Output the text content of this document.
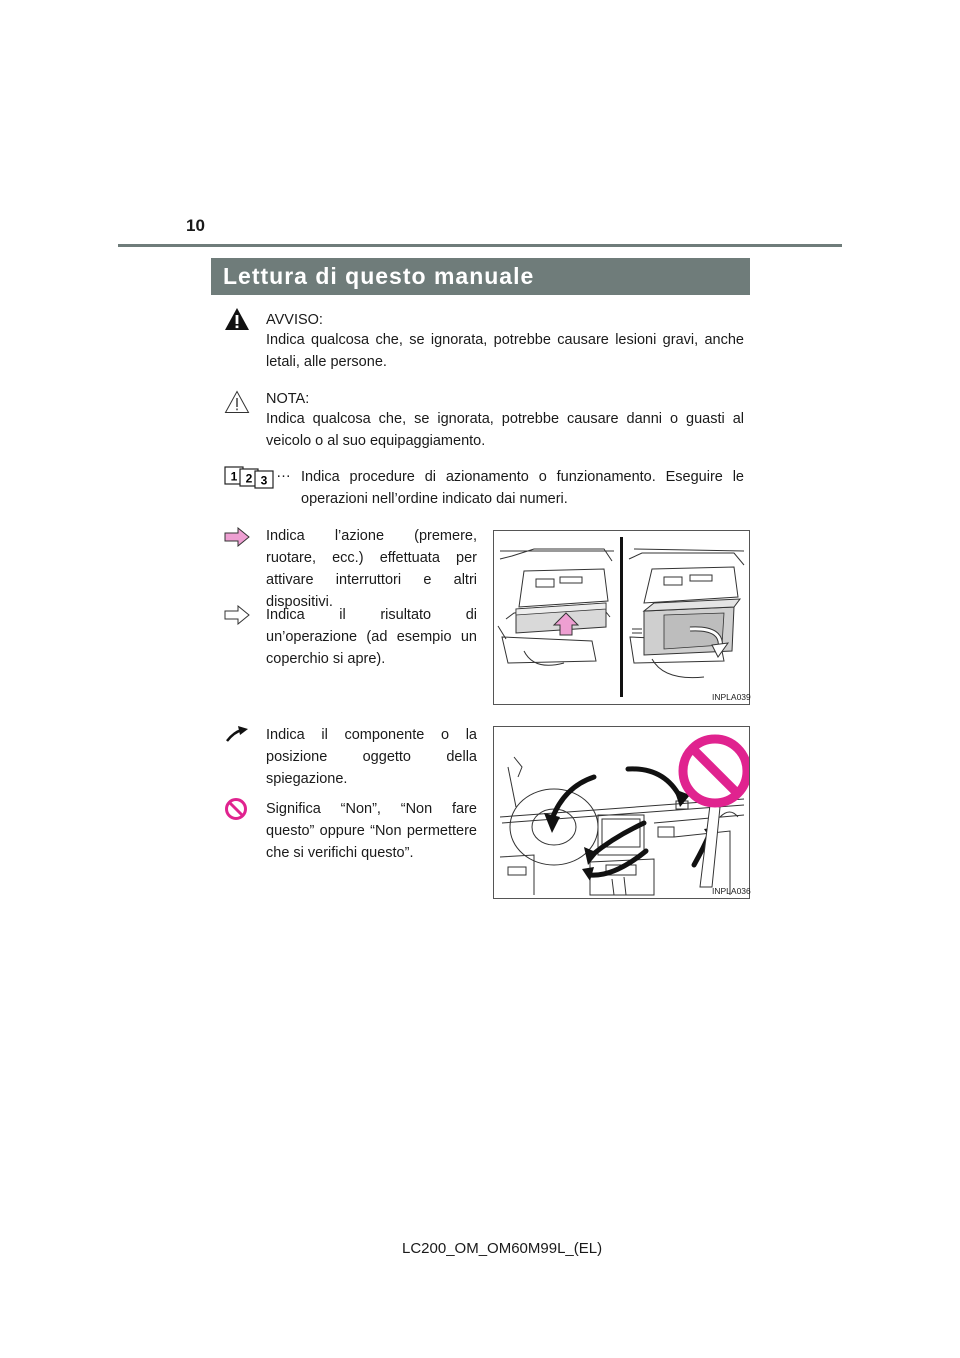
10
Lettura di questo manuale
AVVISO:
Indica qualcosa che, se ignorata, potrebbe causare lesioni gravi, anche letali, alle persone.
NOTA:
Indica qualcosa che, se ignorata, potrebbe causare danni o guasti al veicolo o al suo equipaggiamento.
1 2 3 … Indica procedure di azionamento o funzionamento. Eseguire le operazioni nell’ordine indicato dai numeri.
Indica l’azione (premere, ruotare, ecc.) effettuata per attivare interruttori e altri dispositivi.
Indica il risultato di un’operazione (ad esempio un coperchio si apre).
INPLA039
Indica il componente o la posizione oggetto della spiegazione.
Significa “Non”, “Non fare questo” oppure “Non permettere che si verifichi questo”.
INPLA036
LC200_OM_OM60M99L_(EL)
